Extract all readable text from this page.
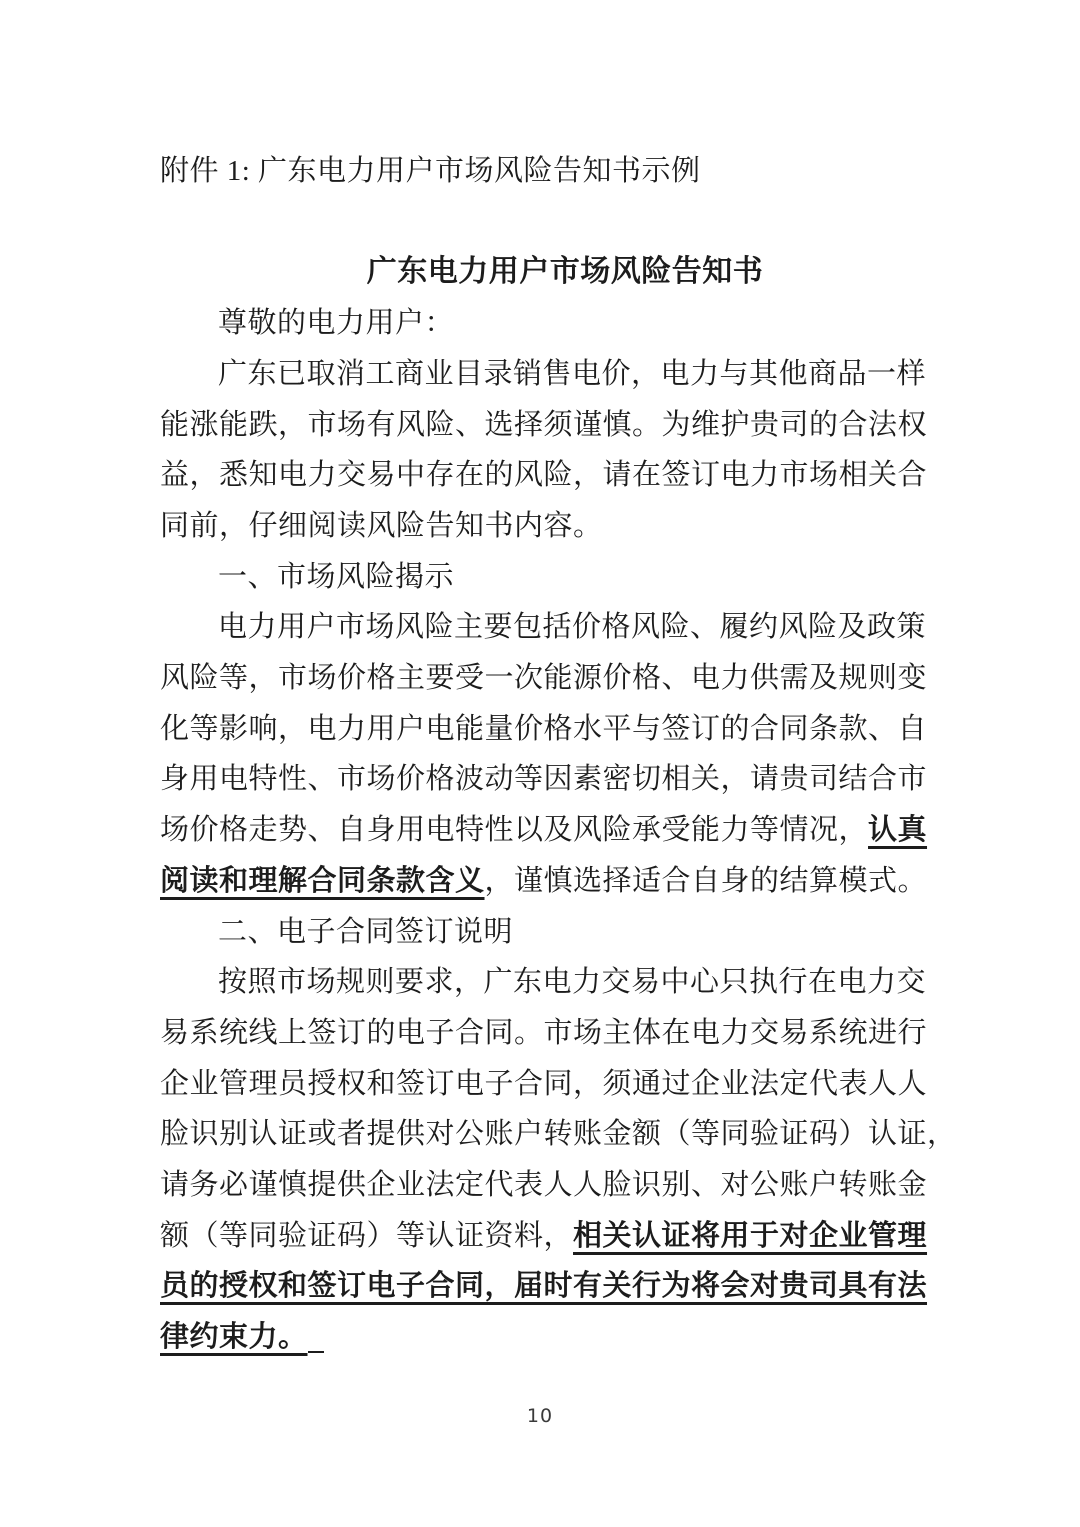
附件 1: 广东电力用户市场风险告知书示例
广东电力用户市场风险告知书
尊敬的电力用户：
广东已取消工商业目录销售电价，电力与其他商品一样
能涨能跌，市场有风险、选择须谨慎。为维护贵司的合法权
益，悉知电力交易中存在的风险，请在签订电力市场相关合
同前，仔细阅读风险告知书内容。
一、市场风险揭示
电力用户市场风险主要包括价格风险、履约风险及政策
风险等，市场价格主要受一次能源价格、电力供需及规则变
化等影响，电力用户电能量价格水平与签订的合同条款、自
身用电特性、市场价格波动等因素密切相关，请贵司结合市
场价格走势、自身用电特性以及风险承受能力等情况，认真
阅读和理解合同条款含义，谨慎选择适合自身的结算模式。
二、电子合同签订说明
按照市场规则要求，广东电力交易中心只执行在电力交
易系统线上签订的电子合同。市场主体在电力交易系统进行
企业管理员授权和签订电子合同，须通过企业法定代表人人
脸识别认证或者提供对公账户转账金额（等同验证码）认证，
请务必谨慎提供企业法定代表人人脸识别、对公账户转账金
额（等同验证码）等认证资料，相关认证将用于对企业管理
员的授权和签订电子合同，届时有关行为将会对贵司具有法
律约束力。
10
